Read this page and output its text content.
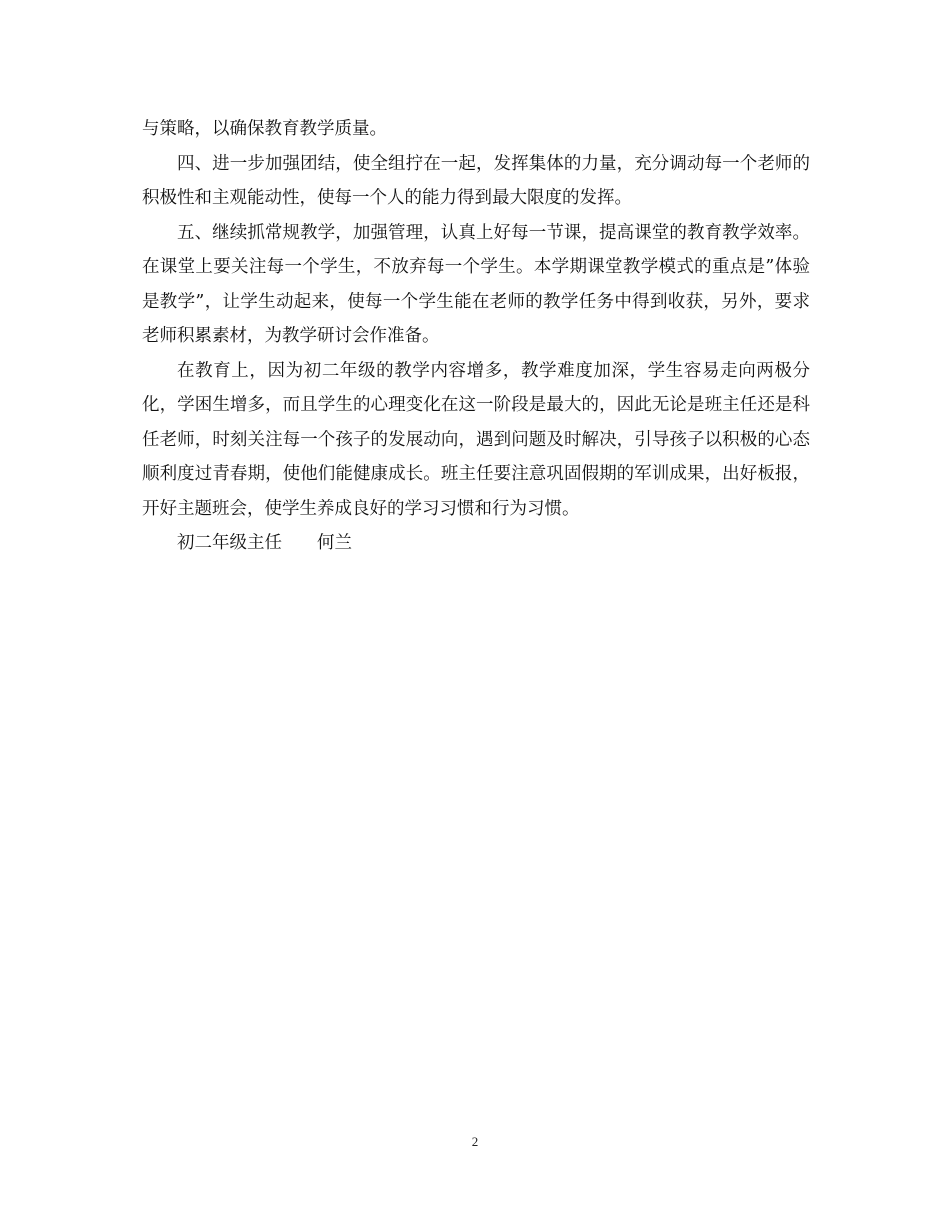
与策略，以确保教育教学质量。

四、进一步加强团结，使全组拧在一起，发挥集体的力量，充分调动每一个老师的积极性和主观能动性，使每一个人的能力得到最大限度的发挥。

五、继续抓常规教学，加强管理，认真上好每一节课，提高课堂的教育教学效率。在课堂上要关注每一个学生，不放弃每一个学生。本学期课堂教学模式的重点是”体验是教学”，让学生动起来，使每一个学生能在老师的教学任务中得到收获，另外，要求老师积累素材，为教学研讨会作准备。

在教育上，因为初二年级的教学内容增多，教学难度加深，学生容易走向两极分化，学困生增多，而且学生的心理变化在这一阶段是最大的，因此无论是班主任还是科任老师，时刻关注每一个孩子的发展动向，遇到问题及时解决，引导孩子以积极的心态顺利度过青春期，使他们能健康成长。班主任要注意巩固假期的军训成果，出好板报，开好主题班会，使学生养成良好的学习习惯和行为习惯。

初二年级主任　　何兰

2
